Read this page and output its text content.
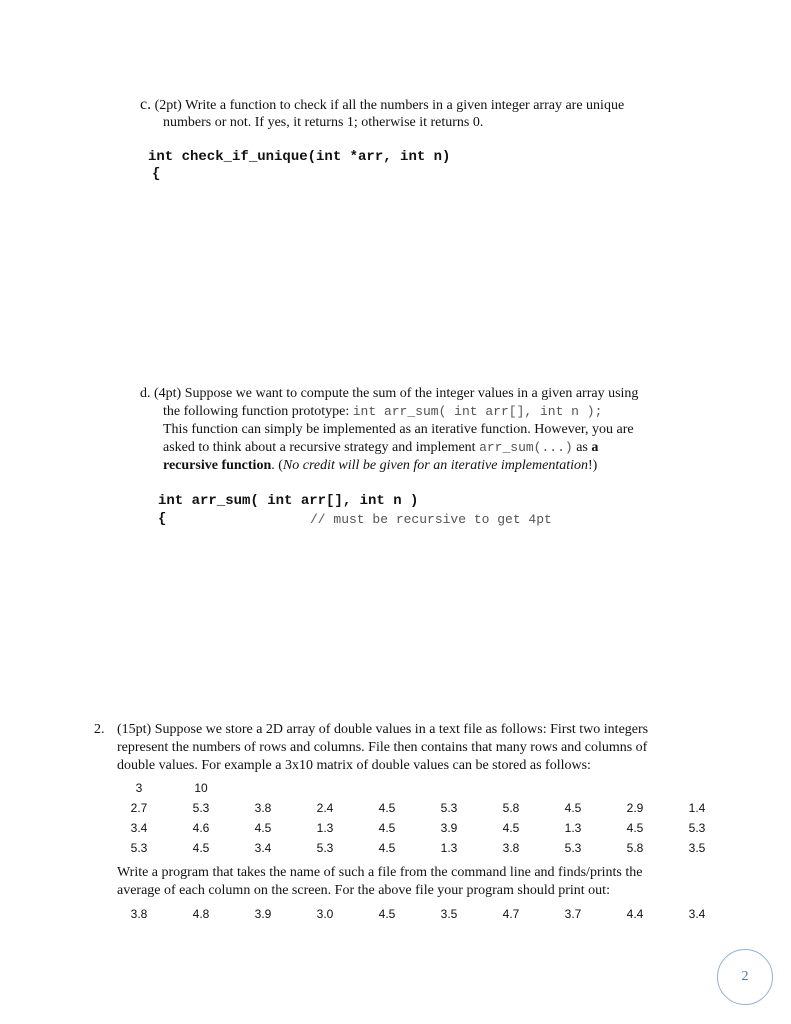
c. (2pt) Write a function to check if all the numbers in a given integer array are unique
numbers or not. If yes, it returns 1; otherwise it returns 0.
int check_if_unique(int *arr, int n)
{
d. (4pt) Suppose we want to compute the sum of the integer values in a given array using
the following function prototype: int arr_sum( int arr[], int n );
This function can simply be implemented as an iterative function. However, you are
asked to think about a recursive strategy and implement arr_sum(...) as a
recursive function. (No credit will be given for an iterative implementation!)
int arr_sum( int arr[], int n )
{	// must be recursive to get 4pt
2. (15pt) Suppose we store a 2D array of double values in a text file as follows: First two integers
represent the numbers of rows and columns. File then contains that many rows and columns of
double values. For example a 3x10 matrix of double values can be stored as follows:
3	10
2.7	5.3	3.8	2.4	4.5	5.3	5.8	4.5	2.9	1.4
3.4	4.6	4.5	1.3	4.5	3.9	4.5	1.3	4.5	5.3
5.3	4.5	3.4	5.3	4.5	1.3	3.8	5.3	5.8	3.5
Write a program that takes the name of such a file from the command line and finds/prints the
average of each column on the screen. For the above file your program should print out:
3.8	4.8	3.9	3.0	4.5	3.5	4.7	3.7	4.4	3.4
2
